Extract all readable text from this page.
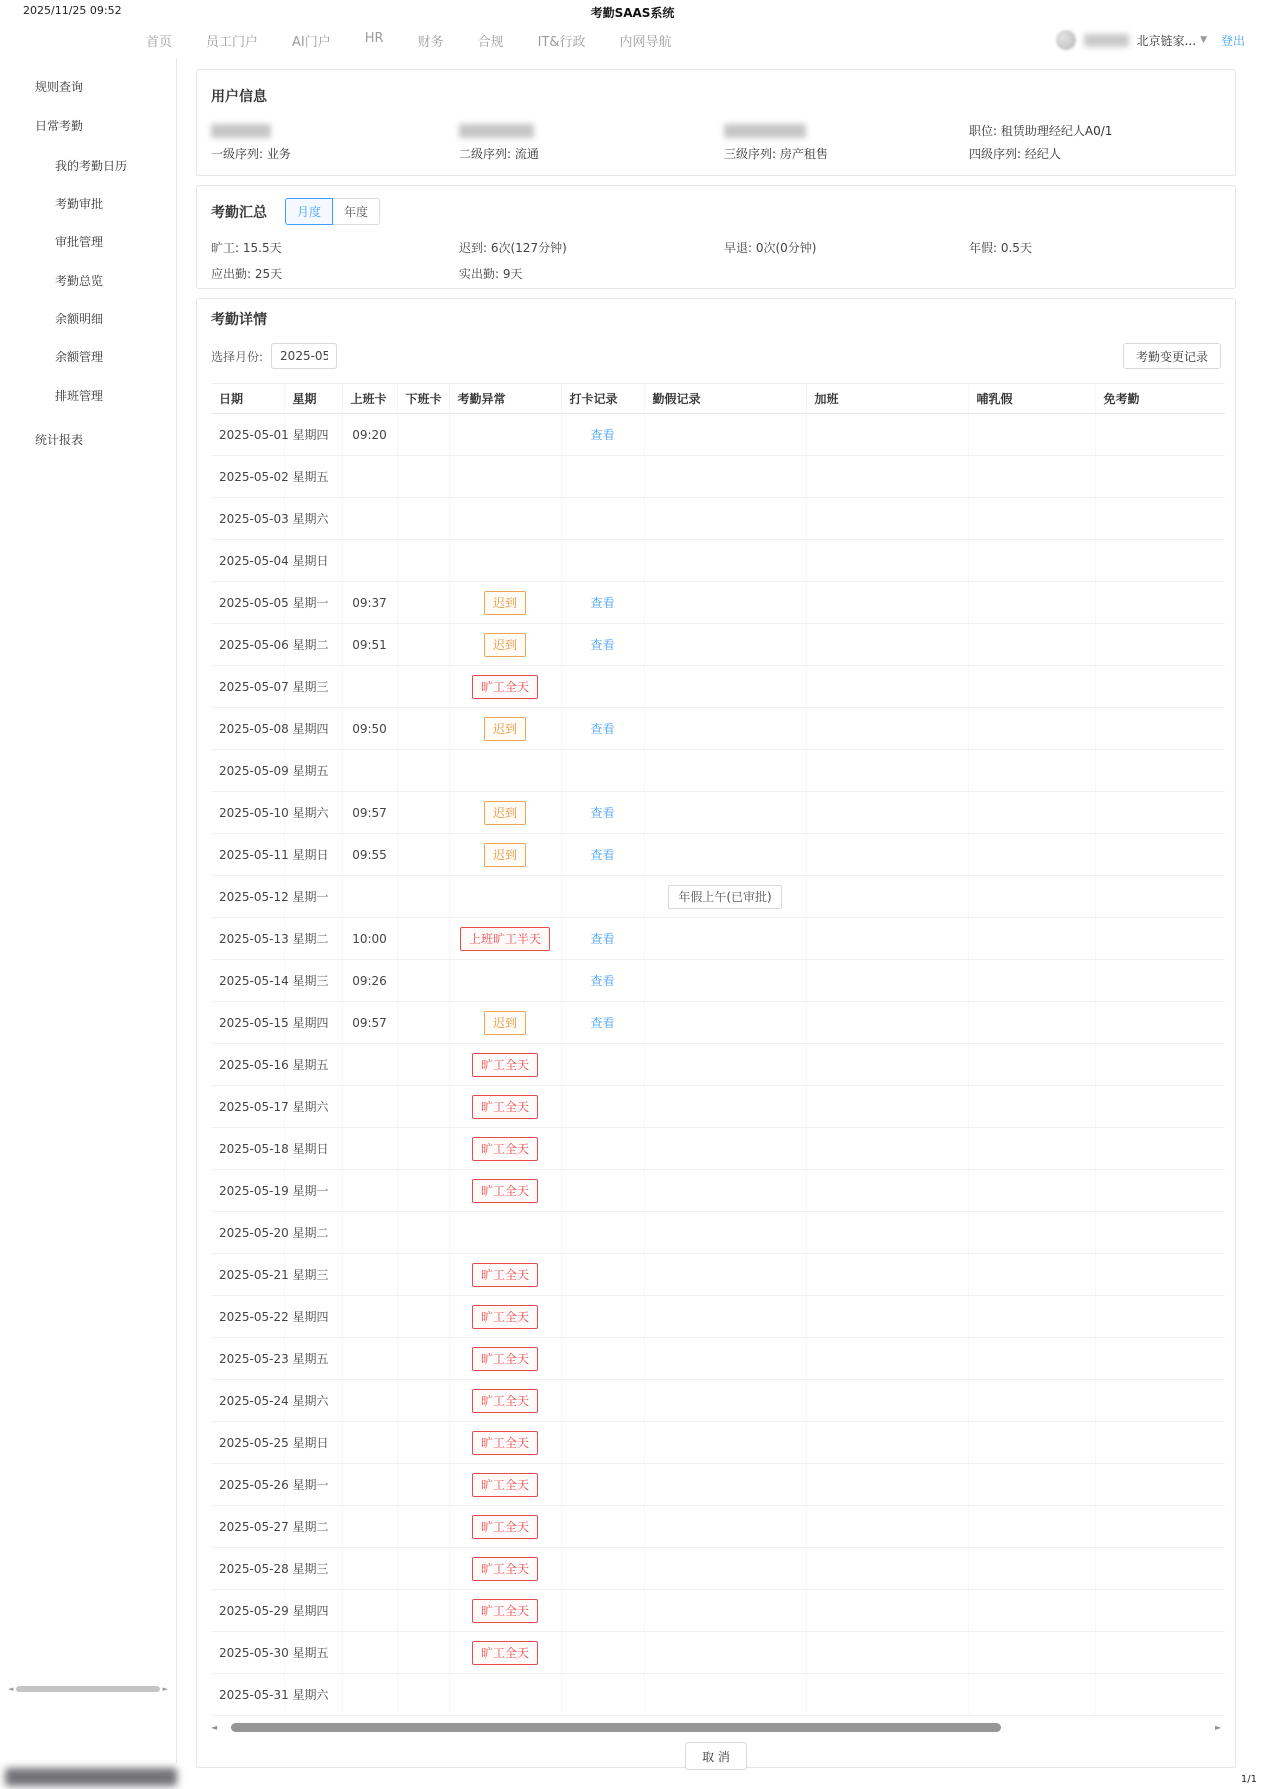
2025/11/25 09:52	考勤SAAS系统
1/1
首页	员工门户	AI门户	HR	财务	合规	IT&行政	内网导航	北京链家... ▼ 登出
规则查询
日常考勤
我的考勤日历
考勤审批
审批管理
考勤总览
余额明细
余额管理
排班管理
统计报表
◄	►
用户信息
一级序列: 业务	二级序列: 流通	三级序列: 房产租售
职位: 租赁助理经纪人A0/1
四级序列: 经纪人
考勤汇总	月度	年度
旷工: 15.5天	迟到: 6次(127分钟)	早退: 0次(0分钟)	年假: 0.5天
应出勤: 25天	实出勤: 9天
考勤详情
选择月份:
2025-05	考勤变更记录
日期	星期	上班卡	下班卡	考勤异常	打卡记录	勤假记录	加班	哺乳假	免考勤
2025-05-01	星期四	09:20			查看				
2025-05-02	星期五								
2025-05-03	星期六								
2025-05-04	星期日								
2025-05-05	星期一	09:37		迟到	查看				
2025-05-06	星期二	09:51		迟到	查看				
2025-05-07	星期三			旷工全天					
2025-05-08	星期四	09:50		迟到	查看				
2025-05-09	星期五								
2025-05-10	星期六	09:57		迟到	查看				
2025-05-11	星期日	09:55		迟到	查看				
2025-05-12	星期一					年假上午(已审批)			
2025-05-13	星期二	10:00		上班旷工半天	查看				
2025-05-14	星期三	09:26			查看				
2025-05-15	星期四	09:57		迟到	查看				
2025-05-16	星期五			旷工全天					
2025-05-17	星期六			旷工全天					
2025-05-18	星期日			旷工全天					
2025-05-19	星期一			旷工全天					
2025-05-20	星期二								
2025-05-21	星期三			旷工全天					
2025-05-22	星期四			旷工全天					
2025-05-23	星期五			旷工全天					
2025-05-24	星期六			旷工全天					
2025-05-25	星期日			旷工全天					
2025-05-26	星期一			旷工全天					
2025-05-27	星期二			旷工全天					
2025-05-28	星期三			旷工全天					
2025-05-29	星期四			旷工全天					
2025-05-30	星期五			旷工全天					
2025-05-31	星期六								
◄	►
取 消
